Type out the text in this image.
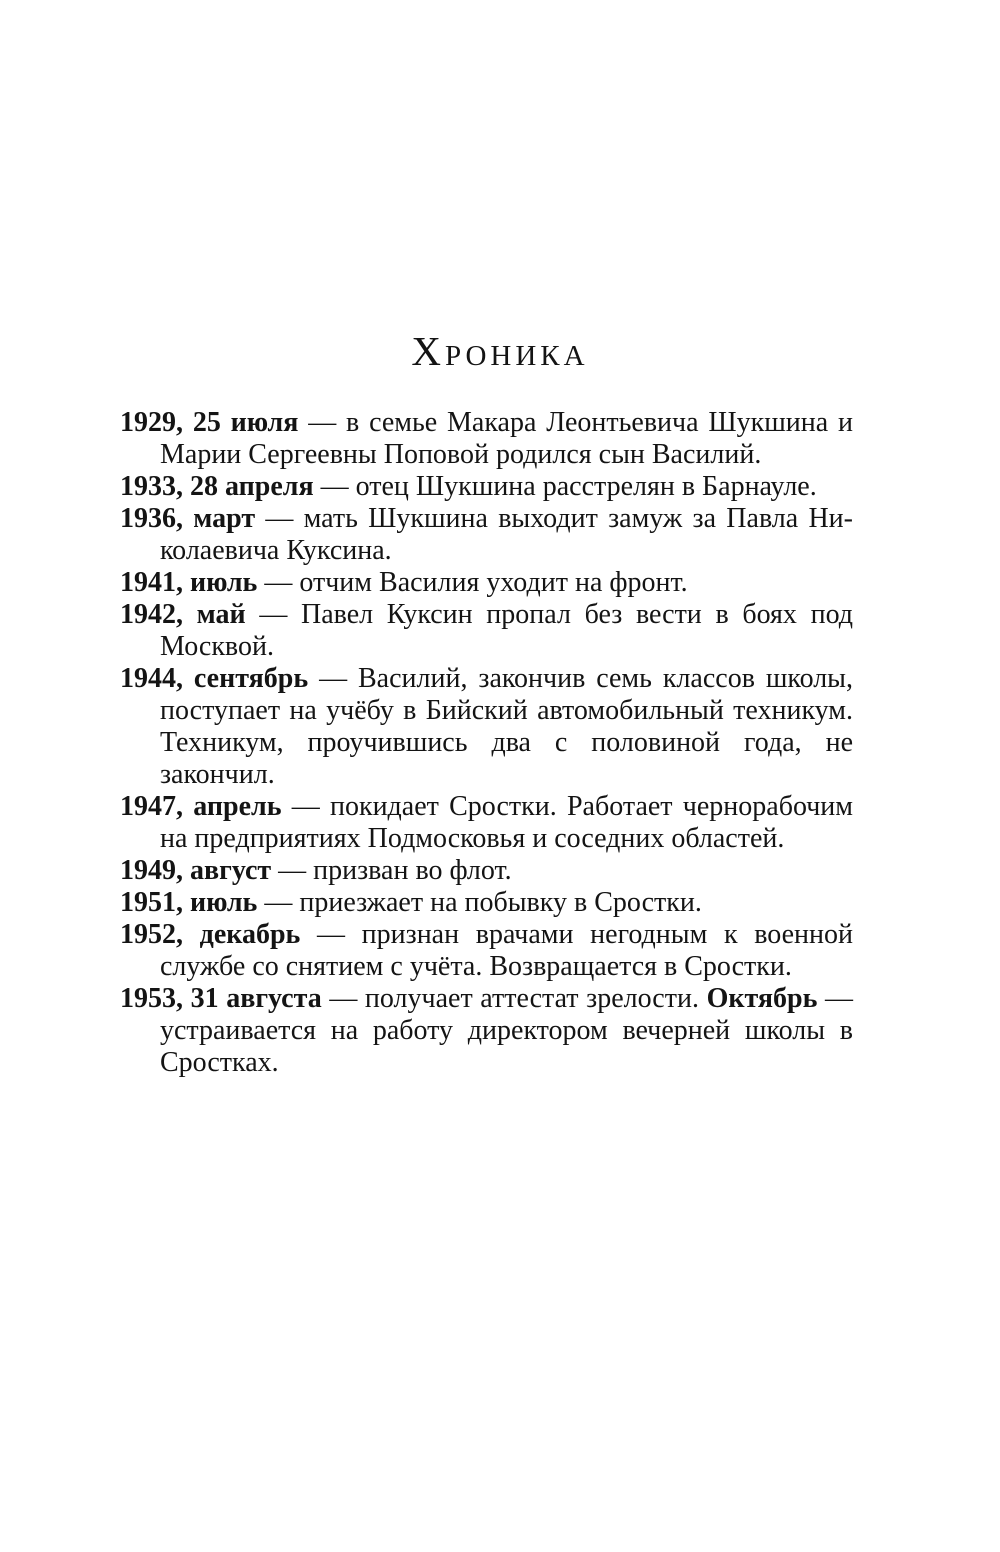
Хроника

1929, 25 июля — в семье Макара Леонтьевича Шукшина и Марии Сергеевны Поповой родился сын Василий.

1933, 28 апреля — отец Шукшина расстрелян в Барнауле.

1936, март — мать Шукшина выходит замуж за Павла Николаевича Куксина.

1941, июль — отчим Василия уходит на фронт.

1942, май — Павел Куксин пропал без вести в боях под Москвой.

1944, сентябрь — Василий, закончив семь классов школы, поступает на учёбу в Бийский автомобильный техникум. Техникум, проучившись два с половиной года, не закончил.

1947, апрель — покидает Сростки. Работает чернорабочим на предприятиях Подмосковья и соседних областей.

1949, август — призван во флот.

1951, июль — приезжает на побывку в Сростки.

1952, декабрь — признан врачами негодным к военной службе со снятием с учёта. Возвращается в Сростки.

1953, 31 августа — получает аттестат зрелости. Октябрь — устраивается на работу директором вечерней школы в Сростках.
